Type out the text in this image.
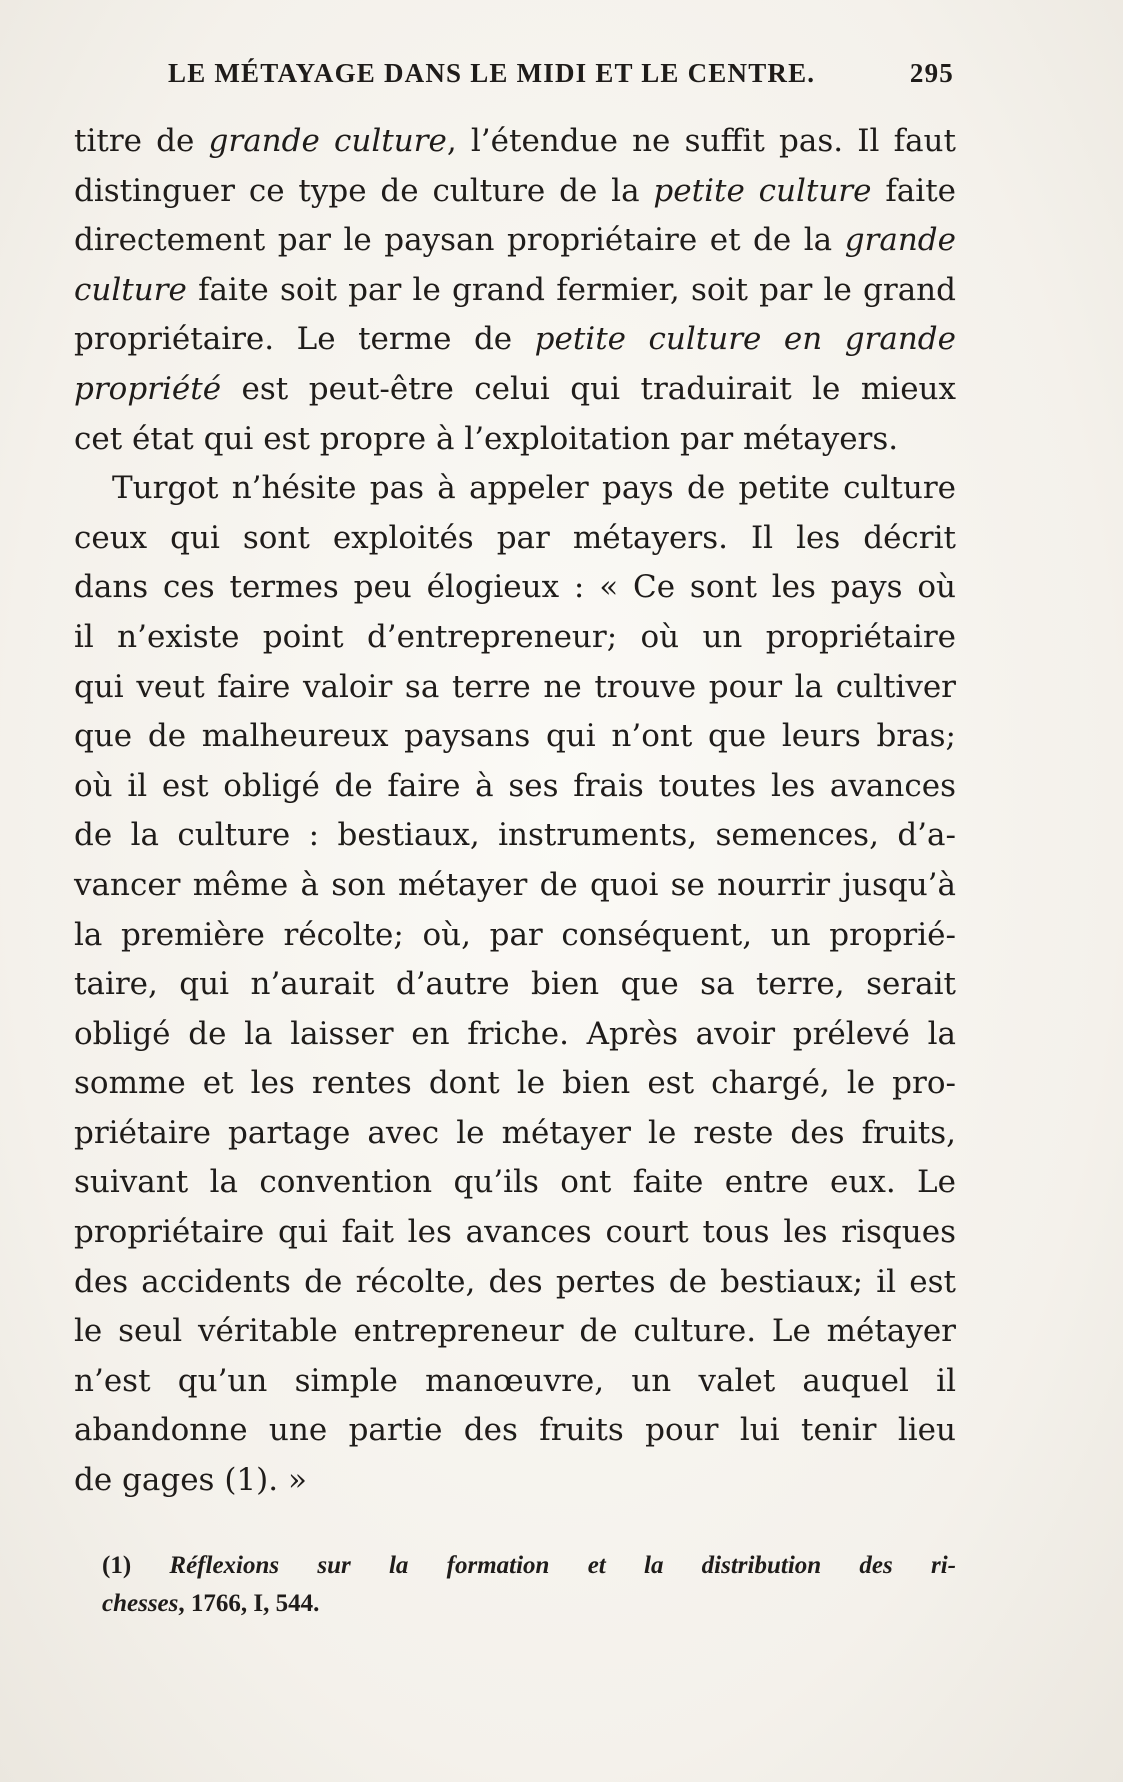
LE MÉTAYAGE DANS LE MIDI ET LE CENTRE.	295
titre de grande culture, l’étendue ne suffit pas. Il faut
distinguer ce type de culture de la petite culture faite
directement par le paysan propriétaire et de la grande
culture faite soit par le grand fermier, soit par le grand
propriétaire. Le terme de petite culture en grande
propriété est peut-être celui qui traduirait le mieux
cet état qui est propre à l’exploitation par métayers.
Turgot n’hésite pas à appeler pays de petite culture
ceux qui sont exploités par métayers. Il les décrit
dans ces termes peu élogieux : « Ce sont les pays où
il n’existe point d’entrepreneur; où un propriétaire
qui veut faire valoir sa terre ne trouve pour la cultiver
que de malheureux paysans qui n’ont que leurs bras;
où il est obligé de faire à ses frais toutes les avances
de la culture : bestiaux, instruments, semences, d’a-
vancer même à son métayer de quoi se nourrir jusqu’à
la première récolte; où, par conséquent, un proprié-
taire, qui n’aurait d’autre bien que sa terre, serait
obligé de la laisser en friche. Après avoir prélevé la
somme et les rentes dont le bien est chargé, le pro-
priétaire partage avec le métayer le reste des fruits,
suivant la convention qu’ils ont faite entre eux. Le
propriétaire qui fait les avances court tous les risques
des accidents de récolte, des pertes de bestiaux; il est
le seul véritable entrepreneur de culture. Le métayer
n’est qu’un simple manœuvre, un valet auquel il
abandonne une partie des fruits pour lui tenir lieu
de gages (1). »
(1) Réflexions sur la formation et la distribution des ri-
chesses, 1766, I, 544.
